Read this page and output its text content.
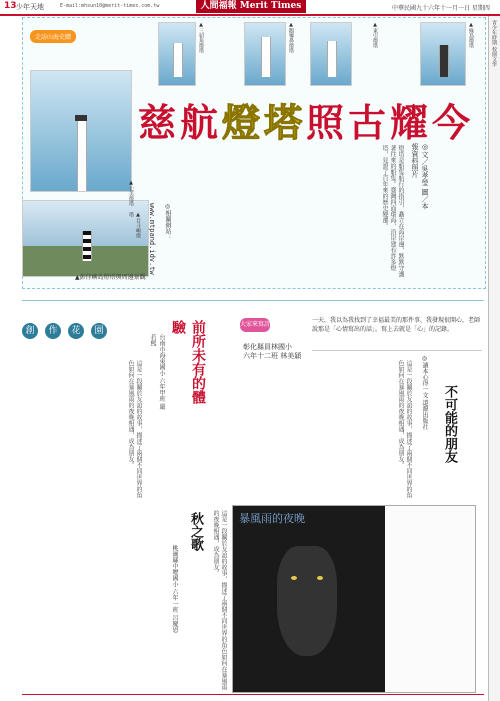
13 少年天地	E-mail:mhsun10@merit-times.com.tw	人間福報 Merit Times	中華民國九十六年十一月一日 星期四
青少年時期 校園文學
走訪山海史蹟
▲七美燈塔
▲目斗嶼燈塔
▲三貂角燈塔	▲鵝鑾鼻燈塔	▲東引燈塔	▲綠島燈塔
慈航燈塔照古耀今
◎文／吳孝瑩 圖／本報資料照片
◎相關網站：
www.mtpand.idv.tw
▲彭佳嶼島燈塔與周邊景觀
燈塔是船隻航行的指引，矗立在海岸邊，默默守護著往來的船隻。臺灣四面環海，沿岸建有許多燈塔，見證了百年來的歷史變遷。
創 作 花 園	前所未有的體驗
台南市海東國小 六年甲班 嚴若熙
這是一段關於友誼的故事，描述了兩個不同世界的角色如何在暴風雨的夜晚相遇，成為朋友。
這是一段關於友誼的故事，描述了兩個不同世界的角色如何在暴風雨的夜晚相遇，成為朋友。
秋之歌
桃園縣中壢國小 六年一班 呂慶恩
大家來寫詩
彰化縣員林國小
六年十二班 林美穎
一天，我以為我找到了幸福最美的那件事，我發現很開心，老師說那是「心情寫出的話」。寫上去就是「心」的記錄。
不可能的朋友
◎讀本心得一文 道源出版社
這是一段關於友誼的故事，描述了兩個不同世界的角色如何在暴風雨的夜晚相遇，成為朋友。
暴風雨的夜晚
